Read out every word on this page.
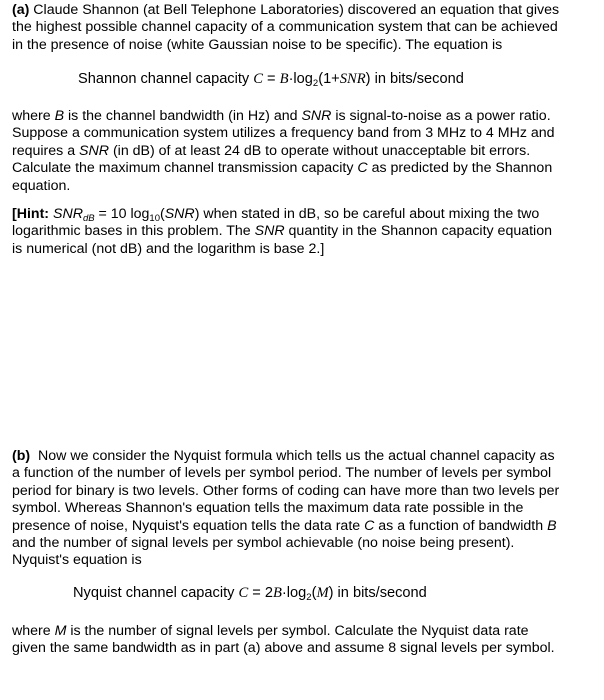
(a) Claude Shannon (at Bell Telephone Laboratories) discovered an equation that gives
the highest possible channel capacity of a communication system that can be achieved
in the presence of noise (white Gaussian noise to be specific). The equation is

Shannon channel capacity $C = B\cdot\log_2(1+SNR)$ in bits/second

where B is the channel bandwidth (in Hz) and SNR is signal-to-noise as a power ratio.
Suppose a communication system utilizes a frequency band from 3 MHz to 4 MHz and
requires a SNR (in dB) of at least 24 dB to operate without unacceptable bit errors.
Calculate the maximum channel transmission capacity C as predicted by the Shannon
equation.

[Hint: $SNR_{dB} = 10$ $\log_{10}(SNR)$ when stated in dB, so be careful about mixing the two
logarithmic bases in this problem. The SNR quantity in the Shannon capacity equation
is numerical (not dB) and the logarithm is base 2.]

(b) Now we consider the Nyquist formula which tells us the actual channel capacity as
a function of the number of levels per symbol period. The number of levels per symbol
period for binary is two levels. Other forms of coding can have more than two levels per
symbol. Whereas Shannon's equation tells the maximum data rate possible in the
presence of noise, Nyquist's equation tells the data rate C as a function of bandwidth B
and the number of signal levels per symbol achievable (no noise being present).
Nyquist's equation is

Nyquist channel capacity $C = 2B\cdot\log_2(M)$ in bits/second

where M is the number of signal levels per symbol. Calculate the Nyquist data rate
given the same bandwidth as in part (a) above and assume 8 signal levels per symbol.
